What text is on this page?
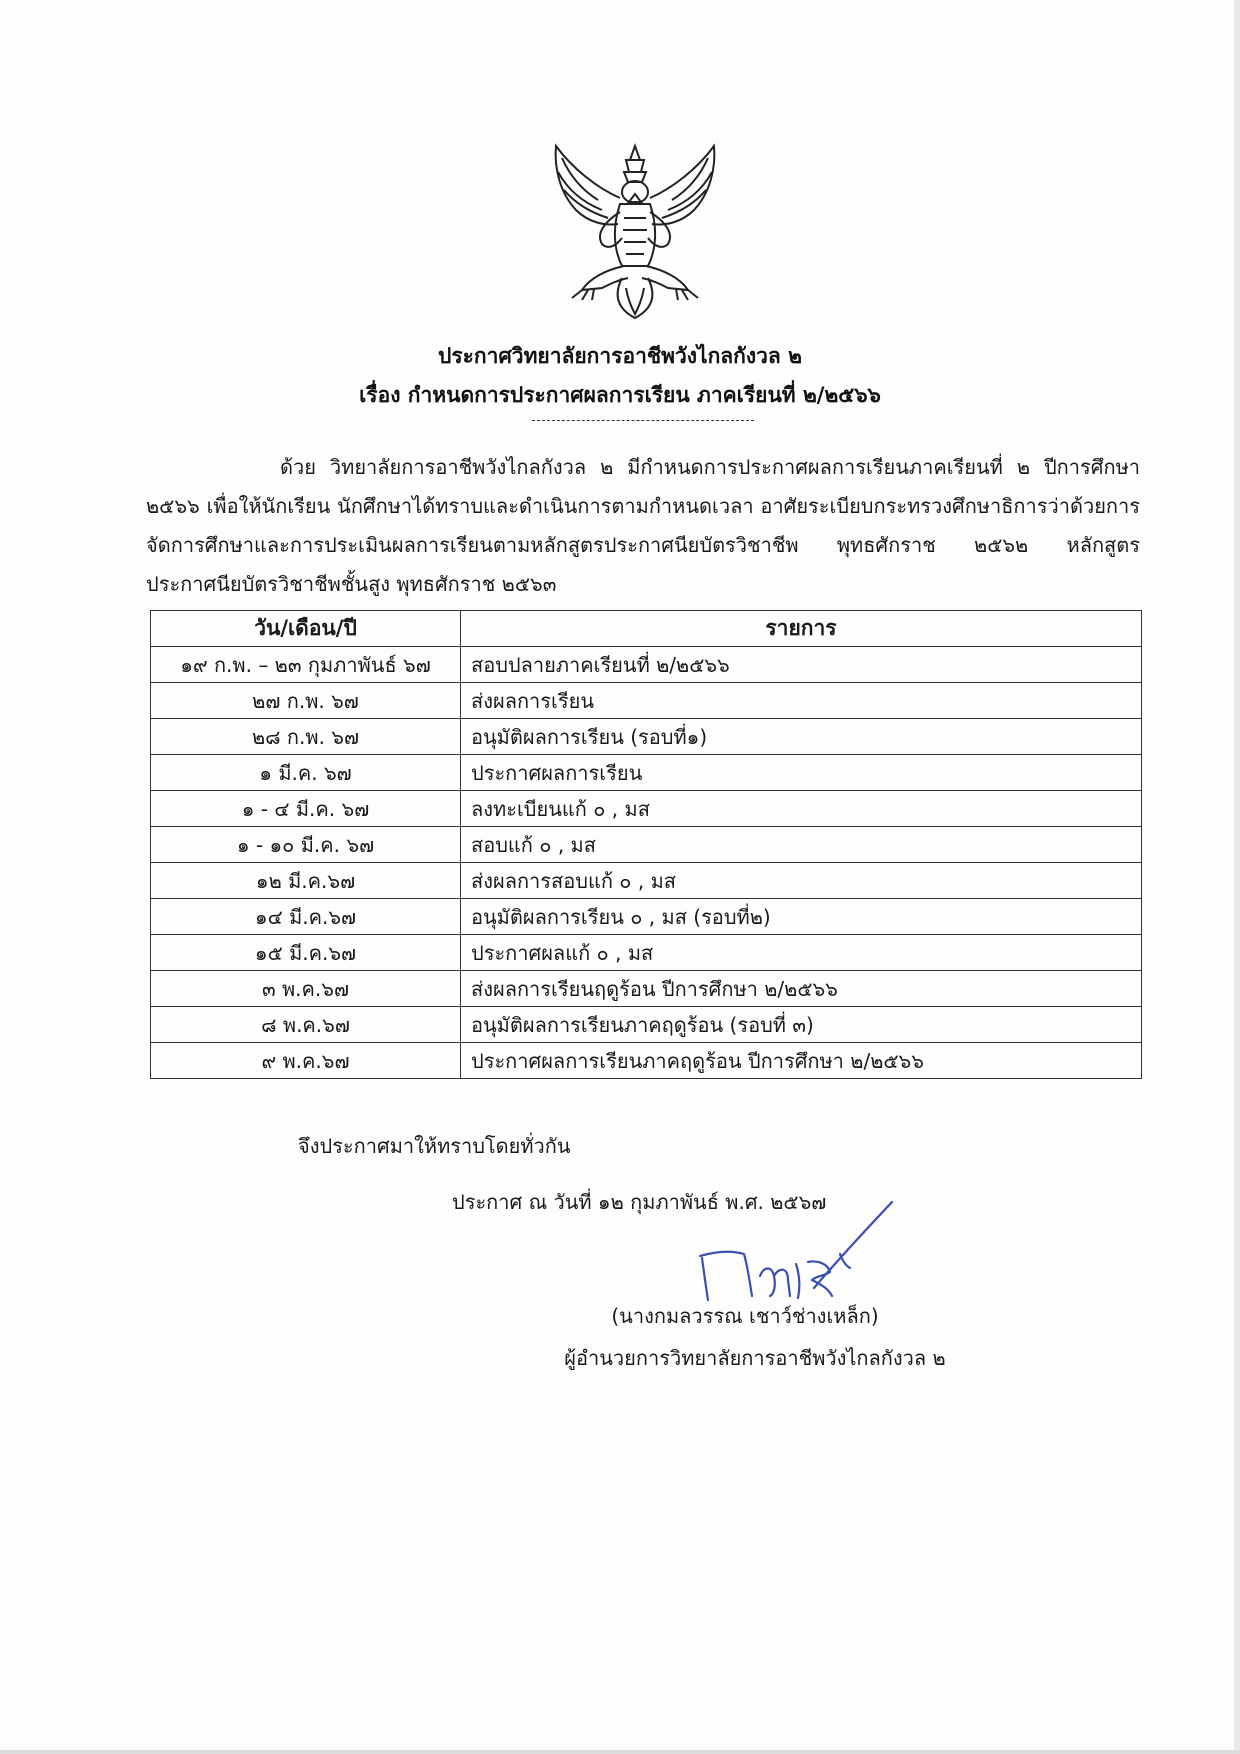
ประกาศวิทยาลัยการอาชีพวังไกลกังวล ๒
เรื่อง กำหนดการประกาศผลการเรียน ภาคเรียนที่ ๒/๒๕๖๖
ด้วย วิทยาลัยการอาชีพวังไกลกังวล ๒ มีกำหนดการประกาศผลการเรียนภาคเรียนที่ ๒ ปีการศึกษา ๒๕๖๖ เพื่อให้นักเรียน นักศึกษาได้ทราบและดำเนินการตามกำหนดเวลา อาศัยระเบียบกระทรวงศึกษาธิการว่าด้วยการจัดการศึกษาและการประเมินผลการเรียนตามหลักสูตรประกาศนียบัตรวิชาชีพ พุทธศักราช ๒๕๖๒ หลักสูตรประกาศนียบัตรวิชาชีพชั้นสูง พุทธศักราช ๒๕๖๓
วัน/เดือน/ปี	รายการ
๑๙ ก.พ. – ๒๓ กุมภาพันธ์ ๖๗	สอบปลายภาคเรียนที่ ๒/๒๕๖๖
๒๗ ก.พ. ๖๗	ส่งผลการเรียน
๒๘ ก.พ. ๖๗	อนุมัติผลการเรียน (รอบที่๑)
๑ มี.ค. ๖๗	ประกาศผลการเรียน
๑ - ๔ มี.ค. ๖๗	ลงทะเบียนแก้ ๐ , มส
๑ - ๑๐ มี.ค. ๖๗	สอบแก้ ๐ , มส
๑๒ มี.ค.๖๗	ส่งผลการสอบแก้ ๐ , มส
๑๔ มี.ค.๖๗	อนุมัติผลการเรียน ๐ , มส (รอบที่๒)
๑๕ มี.ค.๖๗	ประกาศผลแก้ ๐ , มส
๓ พ.ค.๖๗	ส่งผลการเรียนฤดูร้อน ปีการศึกษา ๒/๒๕๖๖
๘ พ.ค.๖๗	อนุมัติผลการเรียนภาคฤดูร้อน (รอบที่ ๓)
๙ พ.ค.๖๗	ประกาศผลการเรียนภาคฤดูร้อน ปีการศึกษา ๒/๒๕๖๖
จึงประกาศมาให้ทราบโดยทั่วกัน
ประกาศ ณ วันที่ ๑๒ กุมภาพันธ์ พ.ศ. ๒๕๖๗
(นางกมลวรรณ เชาว์ช่างเหล็ก)
ผู้อำนวยการวิทยาลัยการอาชีพวังไกลกังวล ๒
